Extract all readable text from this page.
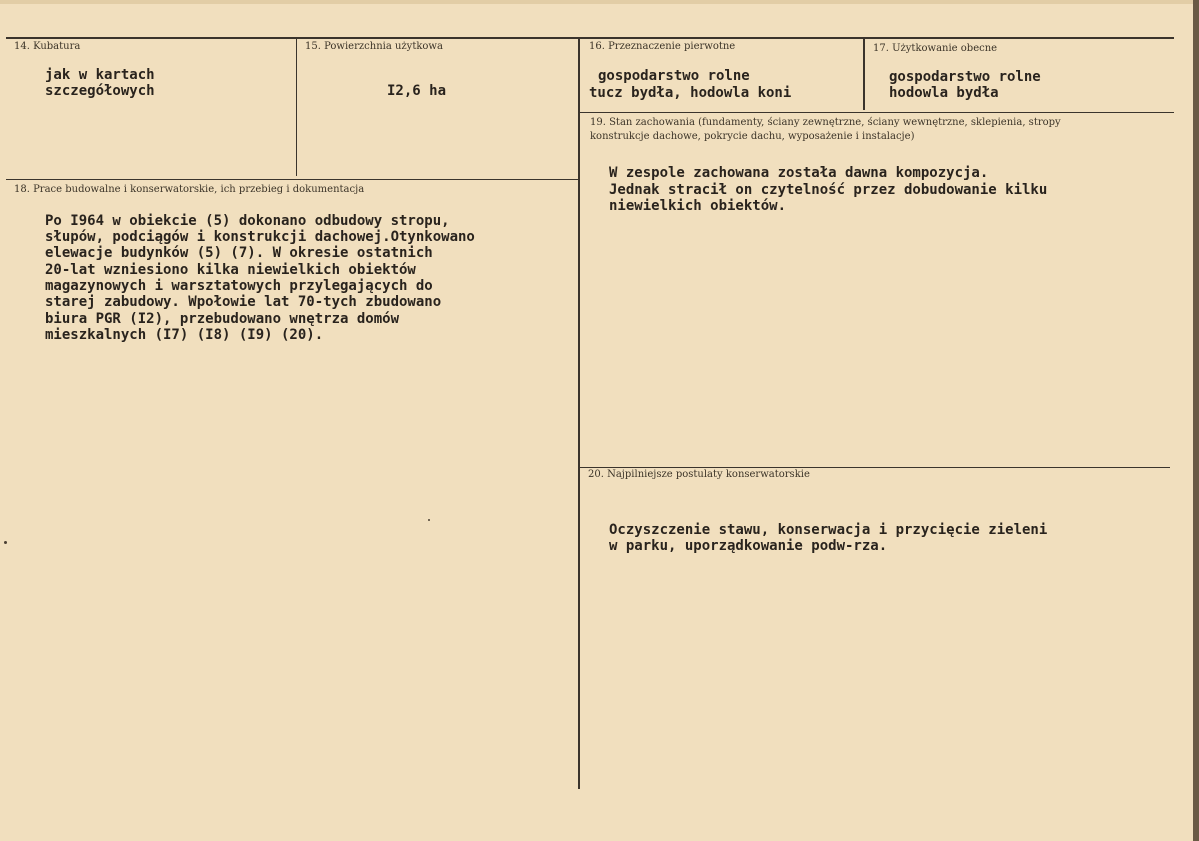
14. Kubatura
jak w kartach
szczegółowych
15. Powierzchnia użytkowa
I2,6 ha
16. Przeznaczenie pierwotne
gospodarstwo rolne
tucz bydła, hodowla koni
17. Użytkowanie obecne
gospodarstwo rolne
hodowla bydła
19. Stan zachowania (fundamenty, ściany zewnętrzne, ściany wewnętrzne, sklepienia, stropy
konstrukcje dachowe, pokrycie dachu, wyposażenie i instalacje)
W zespole zachowana została dawna kompozycja.
Jednak stracił on czytelność przez dobudowanie kilku
niewielkich obiektów.
18. Prace budowalne i konserwatorskie, ich przebieg i dokumentacja
Po I964 w obiekcie (5) dokonano odbudowy stropu,
słupów, podciągów i konstrukcji dachowej.Otynkowano
elewacje budynków (5) (7). W okresie ostatnich
20-lat wzniesiono kilka niewielkich obiektów
magazynowych i warsztatowych przylegających do
starej zabudowy. Wpołowie lat 70-tych zbudowano
biura PGR (I2), przebudowano wnętrza domów
mieszkalnych (I7) (I8) (I9) (20).
20. Najpilniejsze postulaty konserwatorskie
Oczyszczenie stawu, konserwacja i przycięcie zieleni
w parku, uporządkowanie podw-rza.
